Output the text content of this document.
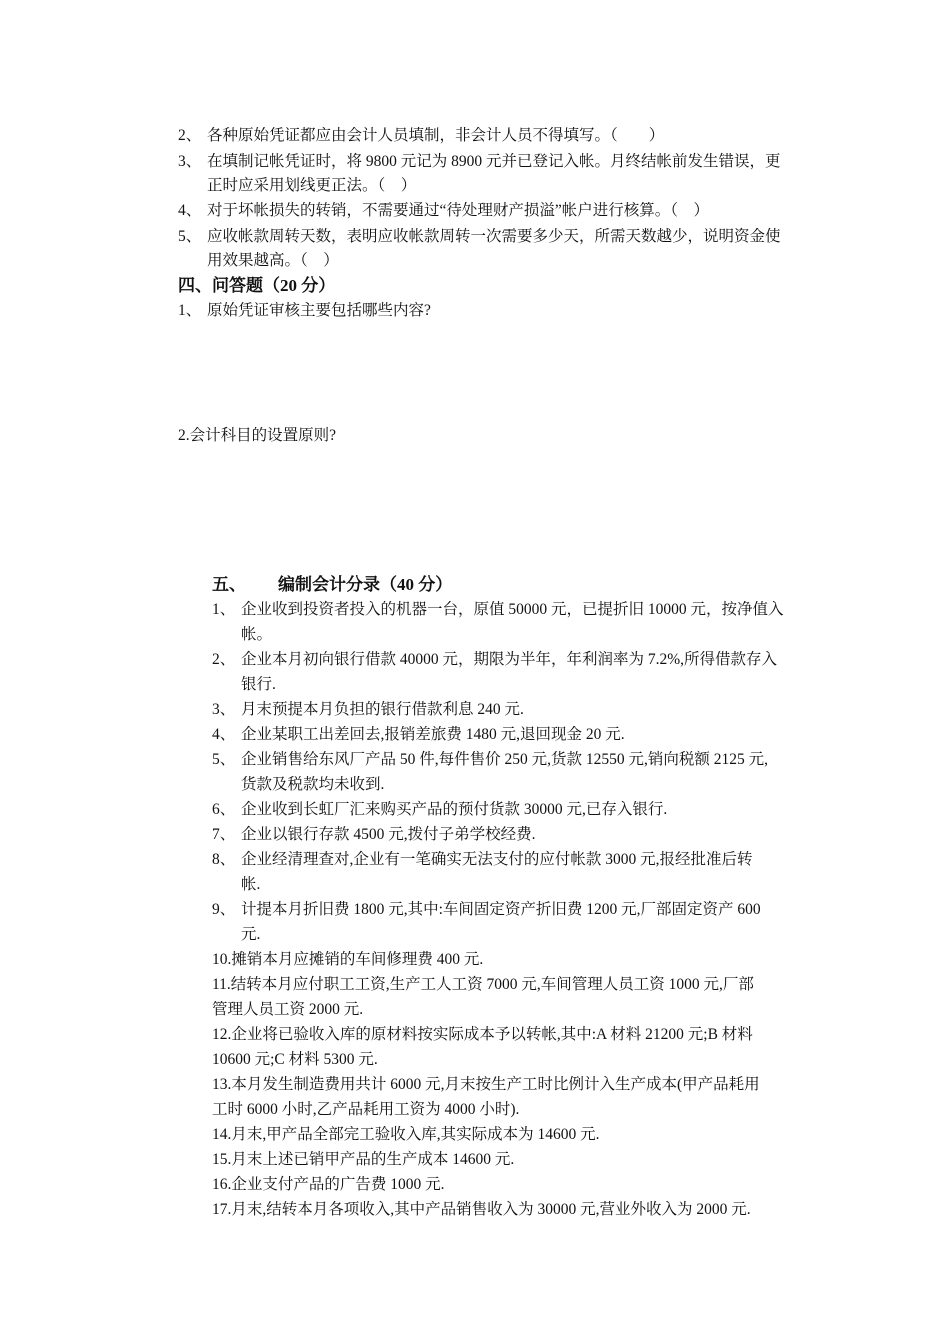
2、 各种原始凭证都应由会计人员填制，非会计人员不得填写。（　　）
3、 在填制记帐凭证时，将 9800 元记为 8900 元并已登记入帐。月终结帐前发生错误，更
正时应采用划线更正法。（　）
4、 对于坏帐损失的转销，不需要通过“待处理财产损溢”帐户进行核算。（　）
5、 应收帐款周转天数，表明应收帐款周转一次需要多少天，所需天数越少，说明资金使
用效果越高。（　）
四、问答题（20 分）
1、 原始凭证审核主要包括哪些内容?
2.会计科目的设置原则?
五、 编制会计分录（40 分）
1、 企业收到投资者投入的机器一台，原值 50000 元，已提折旧 10000 元，按净值入
帐。
2、 企业本月初向银行借款 40000 元，期限为半年，年利润率为 7.2%,所得借款存入
银行.
3、 月末预提本月负担的银行借款利息 240 元.
4、 企业某职工出差回去,报销差旅费 1480 元,退回现金 20 元.
5、 企业销售给东风厂产品 50 件,每件售价 250 元,货款 12550 元,销向税额 2125 元,
货款及税款均未收到.
6、 企业收到长虹厂汇来购买产品的预付货款 30000 元,已存入银行.
7、 企业以银行存款 4500 元,拨付子弟学校经费.
8、 企业经清理查对,企业有一笔确实无法支付的应付帐款 3000 元,报经批准后转
帐.
9、 计提本月折旧费 1800 元,其中:车间固定资产折旧费 1200 元,厂部固定资产 600
元.
10.摊销本月应摊销的车间修理费 400 元.
11.结转本月应付职工工资,生产工人工资 7000 元,车间管理人员工资 1000 元,厂部
管理人员工资 2000 元.
12.企业将已验收入库的原材料按实际成本予以转帐,其中:A 材料 21200 元;B 材料
10600 元;C 材料 5300 元.
13.本月发生制造费用共计 6000 元,月末按生产工时比例计入生产成本(甲产品耗用
工时 6000 小时,乙产品耗用工资为 4000 小时).
14.月末,甲产品全部完工验收入库,其实际成本为 14600 元.
15.月末上述已销甲产品的生产成本 14600 元.
16.企业支付产品的广告费 1000 元.
17.月末,结转本月各项收入,其中产品销售收入为 30000 元,营业外收入为 2000 元.
